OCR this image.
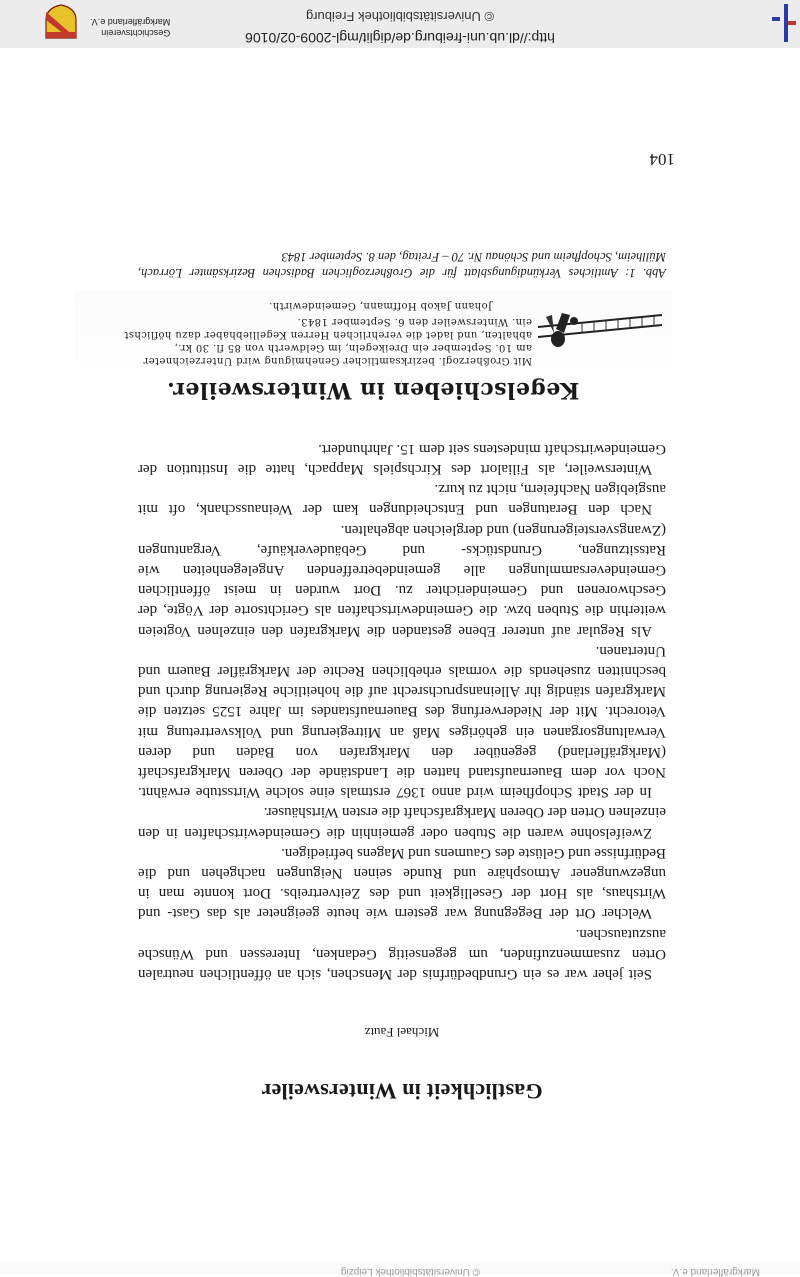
© Universitätsbibliothek Leipzig	Markgräflerland e.V.
Gastlichkeit in Wintersweiler
Michael Fautz

Seit jeher war es ein Grundbedürfnis der Menschen, sich an öffentlichen neutralen Orten zusammenzufinden, um gegenseitig Gedanken, Interessen und Wünsche auszutauschen.

Welcher Ort der Begegnung war gestern wie heute geeigneter als das Gast- und Wirtshaus, als Hort der Geselligkeit und des Zeitvertreibs. Dort konnte man in ungezwungener Atmosphäre und Runde seinen Neigungen nachgehen und die Bedürfnisse und Gelüste des Gaumens und Magens befriedigen.

Zweifelsohne waren die Stuben oder gemeinhin die Gemeindewirtschaften in den einzelnen Orten der Oberen Markgrafschaft die ersten Wirtshäuser.

In der Stadt Schopfheim wird anno 1367 erstmals eine solche Wirtsstube erwähnt. Noch vor dem Bauernaufstand hatten die Landstände der Oberen Markgrafschaft (Markgräflerland) gegenüber den Markgrafen von Baden und deren Verwaltungsorganen ein gehöriges Maß an Mitregierung und Volksvertretung mit Vetorecht. Mit der Niederwerfung des Bauernaufstandes im Jahre 1525 setzten die Markgrafen ständig ihr Alleinanspruchsrecht auf die hoheitliche Regierung durch und beschnitten zusehends die vormals erheblichen Rechte der Markgräfler Bauern und Untertanen.

Als Regular auf unterer Ebene gestanden die Markgrafen den einzelnen Vogteien weiterhin die Stuben bzw. die Gemeindewirtschaften als Gerichtsorte der Vögte, der Geschworenen und Gemeinderichter zu. Dort wurden in meist öffentlichen Gemeindeversammlungen alle gemeindebetreffenden Angelegenheiten wie Ratssitzungen, Grundstücks- und Gebäudeverkäufe, Vergantungen (Zwangsversteigerungen) und dergleichen abgehalten.

Nach den Beratungen und Entscheidungen kam der Weinausschank, oft mit ausgiebigen Nachfeiern, nicht zu kurz.

Wintersweiler, als Filialort des Kirchspiels Mappach, hatte die Institution der Gemeindewirtschaft mindestens seit dem 15. Jahrhundert.

Kegelschieben in Wintersweiler.
Mit Großherzogl. bezirksamtlicher Genehmigung wird Unterzeichneter
am 10. September ein Dreikegeln, im Geldwerth von 85 fl. 30 kr.,
abhalten, und ladet die verehrlichen Herren Kegelliebhaber dazu höflichst
ein. Wintersweiler den 6. September 1843.
Johann Jakob Hoffmann, Gemeindewirth.
Abb. 1: Amtliches Verkündigungsblatt für die Großherzoglichen Badischen Bezirksämter Lörrach, Müllheim, Schopfheim und Schönau Nr. 70 – Freitag, den 8. September 1843
104
http://dl.ub.uni-freiburg.de/diglit/mgl-2009-02/0106
© Universitätsbibliothek Freiburg
Geschichtsverein
Markgräflerland e.V.
